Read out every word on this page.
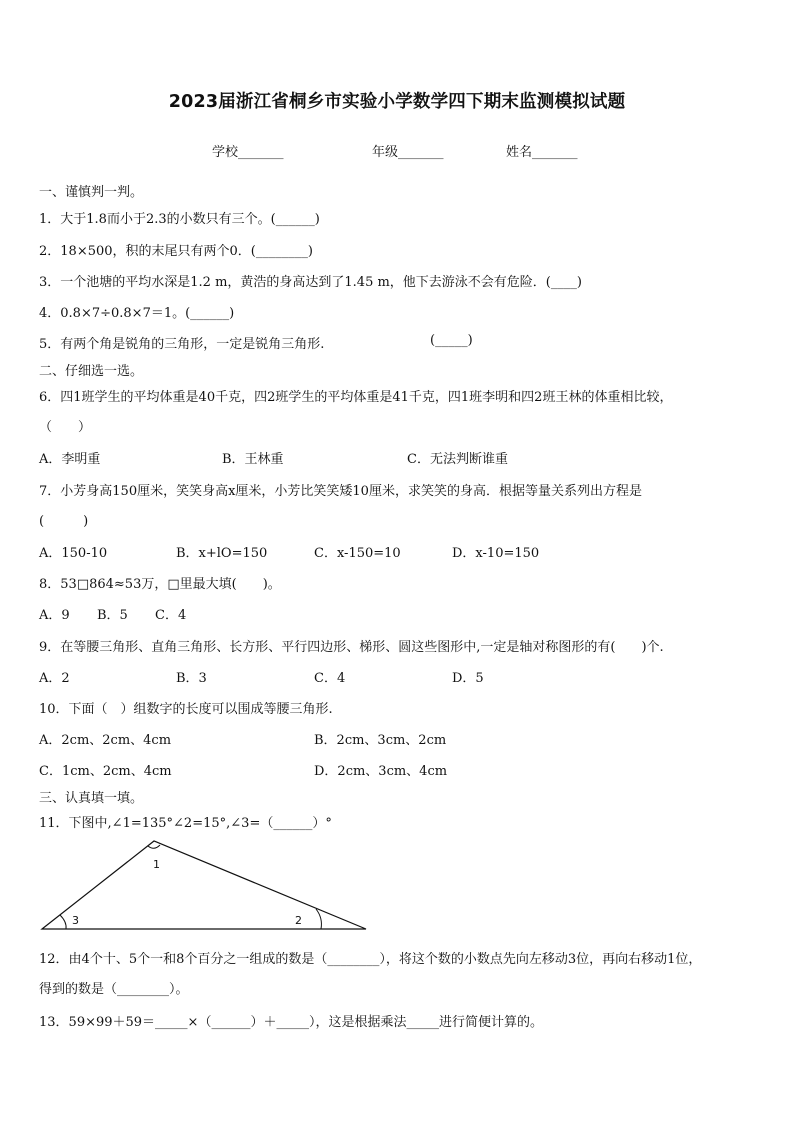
2023届浙江省桐乡市实验小学数学四下期末监测模拟试题
学校_______	年级_______	姓名_______
一、谨慎判一判。
1．大于1.8而小于2.3的小数只有三个。(______)
2．18×500，积的末尾只有两个0．(________)
3．一个池塘的平均水深是1.2 m，黄浩的身高达到了1.45 m，他下去游泳不会有危险．(____)
4．0.8×7÷0.8×7＝1。(______)
5．有两个角是锐角的三角形，一定是锐角三角形.	(_____)
二、仔细选一选。
6．四1班学生的平均体重是40千克，四2班学生的平均体重是41千克，四1班李明和四2班王林的体重相比较，
（　　）
A．李明重	B．王林重	C．无法判断谁重
7．小芳身高150厘米，笑笑身高x厘米，小芳比笑笑矮10厘米，求笑笑的身高．根据等量关系列出方程是
(　　　)
A．150-10	B．x+lO=150	C．x-150=10	D．x-10=150
8．53□864≈53万，□里最大填(　　)。
A．9 B．5 C．4
9．在等腰三角形、直角三角形、长方形、平行四边形、梯形、圆这些图形中,一定是轴对称图形的有(　　)个.
A．2	B．3	C．4	D．5
10．下面（　）组数字的长度可以围成等腰三角形.
A．2cm、2cm、4cm	B．2cm、3cm、2cm
C．1cm、2cm、4cm	D．2cm、3cm、4cm
三、认真填一填。
11．下图中,∠1=135°∠2=15°,∠3=（______）°
1
2
3
12．由4个十、5个一和8个百分之一组成的数是（________），将这个数的小数点先向左移动3位，再向右移动1位，
得到的数是（________）。
13．59×99＋59＝_____×（______）＋_____），这是根据乘法_____进行简便计算的。
